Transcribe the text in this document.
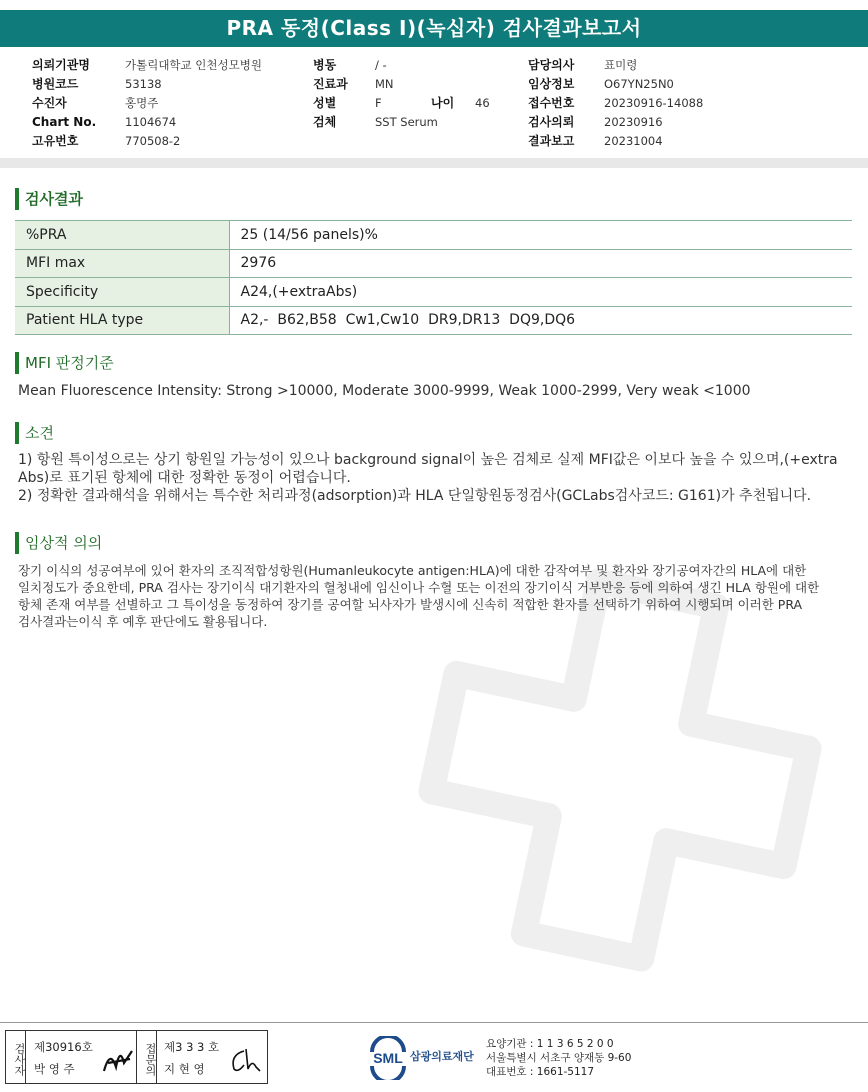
PRA 동정(Class I)(녹십자) 검사결과보고서
의뢰기관명	가톨릭대학교 인천성모병원
병원코드	53138
수진자	홍명주
Chart No.	1104674
고유번호	770508-2
병동	/ -
진료과 MN
성별	F	나이 46
검체	SST Serum
담당의사	표미령
임상정보	O67YN25N0
접수번호	20230916-14088
검사의뢰	20230916
결과보고	20231004
검사결과
%PRA	25 (14/56 panels)%
MFI max	2976
Specificity	A24,(+extraAbs)
Patient HLA type	A2,-  B62,B58  Cw1,Cw10  DR9,DR13  DQ9,DQ6
MFI 판정기준
Mean Fluorescence Intensity: Strong >10000, Moderate 3000-9999, Weak 1000-2999, Very weak <1000
소견
1) 항원 특이성으로는 상기 항원일 가능성이 있으나 background signal이 높은 검체로 실제 MFI값은 이보다 높을 수 있으며,(+extra
Abs)로 표기된 항체에 대한 정확한 동정이 어렵습니다.
2) 정확한 결과해석을 위해서는 특수한 처리과정(adsorption)과 HLA 단일항원동정검사(GCLabs검사코드: G161)가 추천됩니다.
임상적 의의
장기 이식의 성공여부에 있어 환자의 조직적합성항원(Humanleukocyte antigen:HLA)에 대한 감작여부 및 환자와 장기공여자간의 HLA에 대한
일치정도가 중요한데, PRA 검사는 장기이식 대기환자의 혈청내에 임신이나 수혈 또는 이전의 장기이식 거부반응 등에 의하여 생긴 HLA 항원에 대한
항체 존재 여부를 선별하고 그 특이성을 동정하여 장기를 공여할 뇌사자가 발생시에 신속히 적합한 환자를 선택하기 위하여 시행되며 이러한 PRA
검사결과는이식 후 예후 판단에도 활용됩니다.
검사자 제30916호
박 영 주	접문의 제3 3 3 호
지 현 영
SML 삼광의료재단
요양기관 : 1 1 3 6 5 2 0 0
서울특별시 서초구 양재동 9-60
대표번호 : 1661-5117
